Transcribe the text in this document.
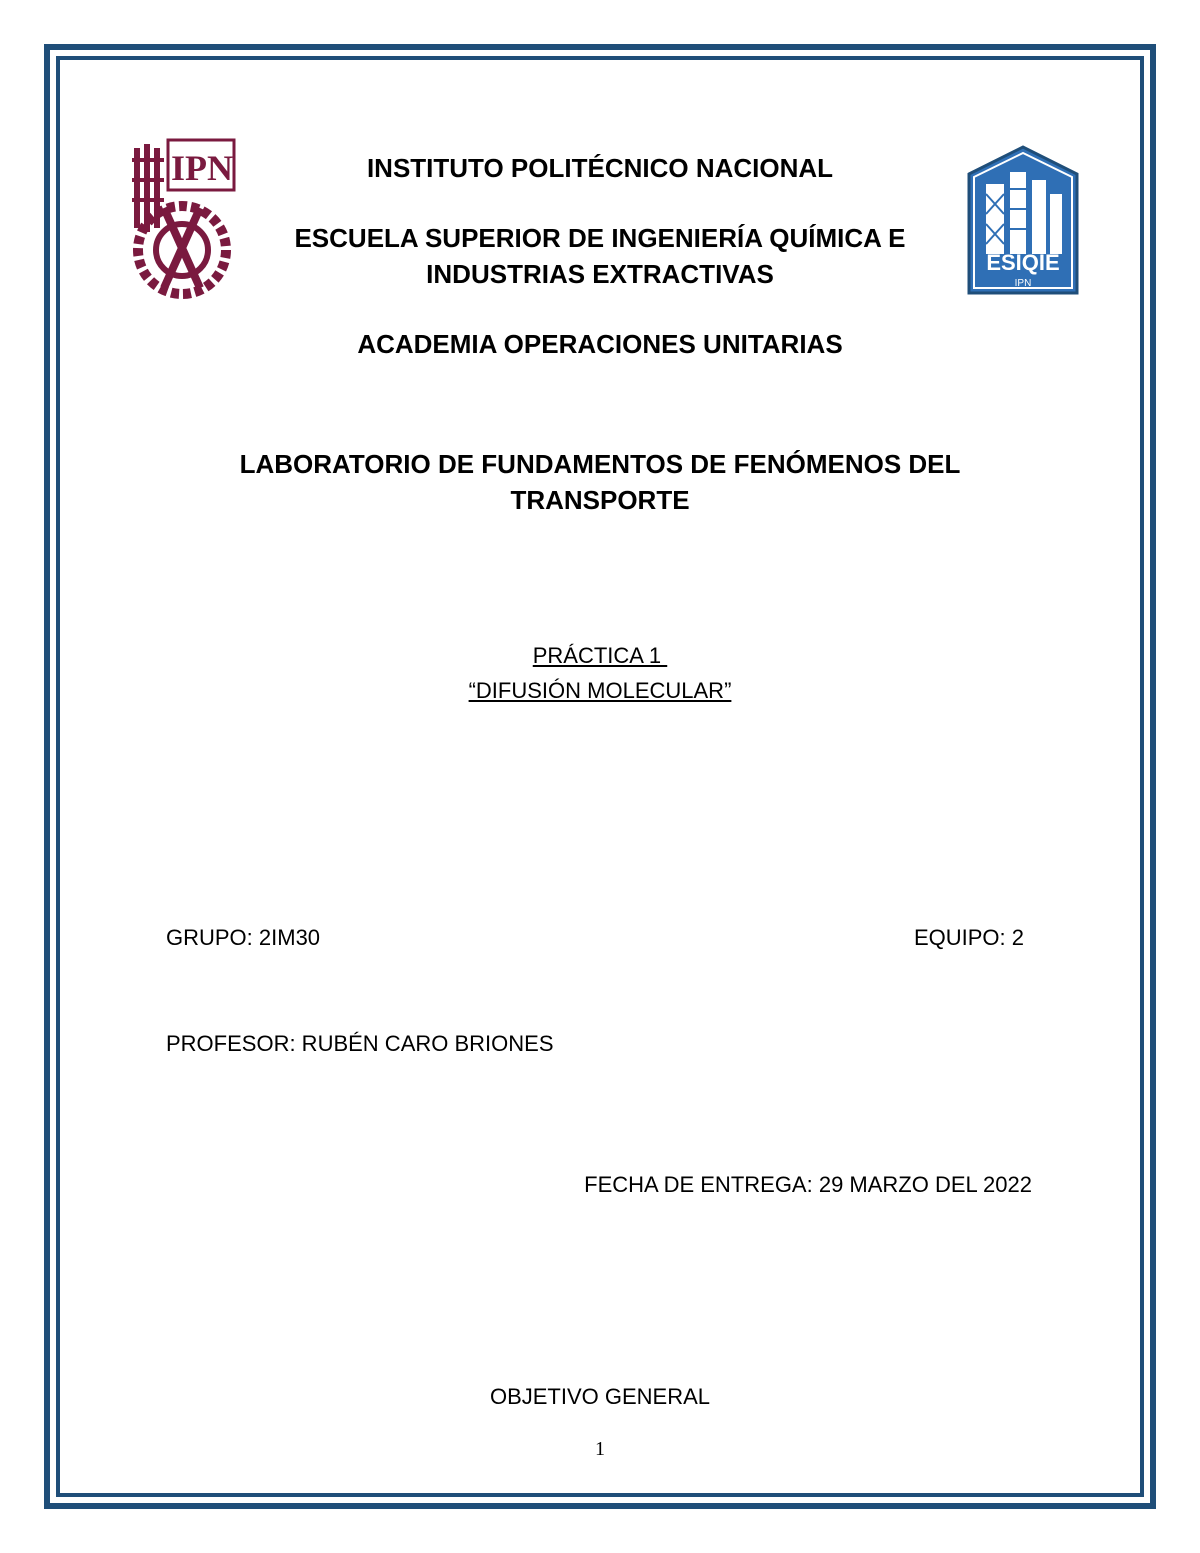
IPN
ESIQIE
IPN
INSTITUTO POLITÉCNICO NACIONAL
ESCUELA SUPERIOR DE INGENIERÍA QUÍMICA E
INDUSTRIAS EXTRACTIVAS
ACADEMIA OPERACIONES UNITARIAS
LABORATORIO DE FUNDAMENTOS DE FENÓMENOS DEL
TRANSPORTE
PRÁCTICA 1
“DIFUSIÓN MOLECULAR”
GRUPO: 2IM30	EQUIPO: 2
PROFESOR: RUBÉN CARO BRIONES
FECHA DE ENTREGA: 29 MARZO DEL 2022
OBJETIVO GENERAL
1
